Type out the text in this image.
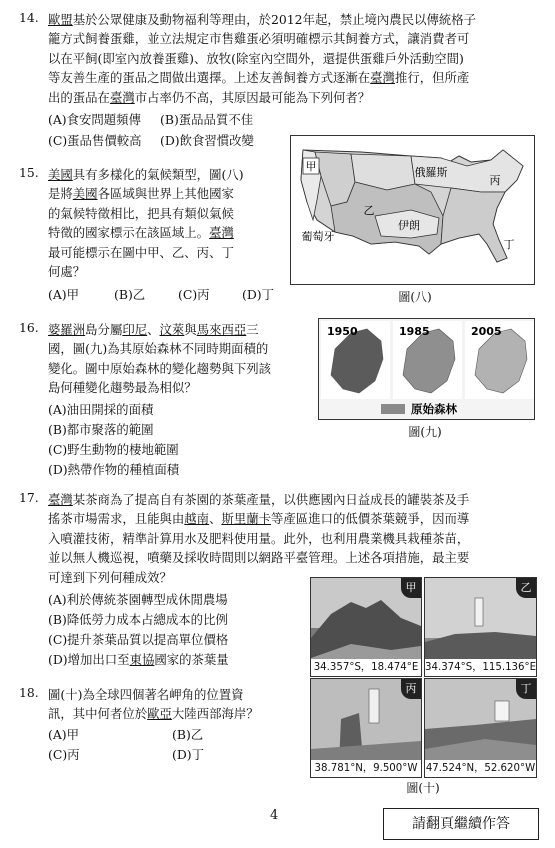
14. 歐盟基於公眾健康及動物福利等理由，於2012年起，禁止境內農民以傳統格子
籠方式飼養蛋雞，並立法規定市售雞蛋必須明確標示其飼養方式，讓消費者可
以在平飼(即室內放養蛋雞)、放牧(除室內空間外，還提供蛋雞戶外活動空間)
等友善生產的蛋品之間做出選擇。上述友善飼養方式逐漸在臺灣推行，但所產
出的蛋品在臺灣市占率仍不高，其原因最可能為下列何者？
(A)食安問題頻傳 (B)蛋品品質不佳
(C)蛋品售價較高 (D)飲食習慣改變
15. 美國具有多樣化的氣候類型，圖(八)
是將美國各區域與世界上其他國家
的氣候特徵相比，把具有類似氣候
特徵的國家標示在該區域上。臺灣
最可能標示在圖中甲、乙、丙、丁
何處？
(A)甲	(B)乙	(C)丙	(D)丁
甲
乙
丙
丁
俄羅斯
伊朗
葡萄牙
圖(八)
16. 婆羅洲島分屬印尼、汶萊與馬來西亞三
國，圖(九)為其原始森林不同時期面積的
變化。圖中原始森林的變化趨勢與下列該
島何種變化趨勢最為相似？
(A)油田開採的面積
(B)都市聚落的範圍
(C)野生動物的棲地範圍
(D)熱帶作物的種植面積
1950	1985	2005
原始森林
圖(九)
17. 臺灣某茶商為了提高自有茶園的茶葉產量，以供應國內日益成長的罐裝茶及手
搖茶市場需求，且能與由越南、斯里蘭卡等產區進口的低價茶葉競爭，因而導
入噴灌技術，精準計算用水及肥料使用量。此外，也利用農業機具栽種茶苗，
並以無人機巡視，噴藥及採收時間則以網路平臺管理。上述各項措施，最主要
可達到下列何種成效？
(A)利於傳統茶園轉型成休閒農場
(B)降低勞力成本占總成本的比例
(C)提升茶葉品質以提高單位價格
(D)增加出口至東協國家的茶葉量
18. 圖(十)為全球四個著名岬角的位置資
訊，其中何者位於歐亞大陸西部海岸？
(A)甲	(B)乙
(C)丙	(D)丁
甲
34.357°S，18.474°E
乙
34.374°S，115.136°E
丙
38.781°N，9.500°W
丁
47.524°N，52.620°W
圖(十)
4
請翻頁繼續作答
